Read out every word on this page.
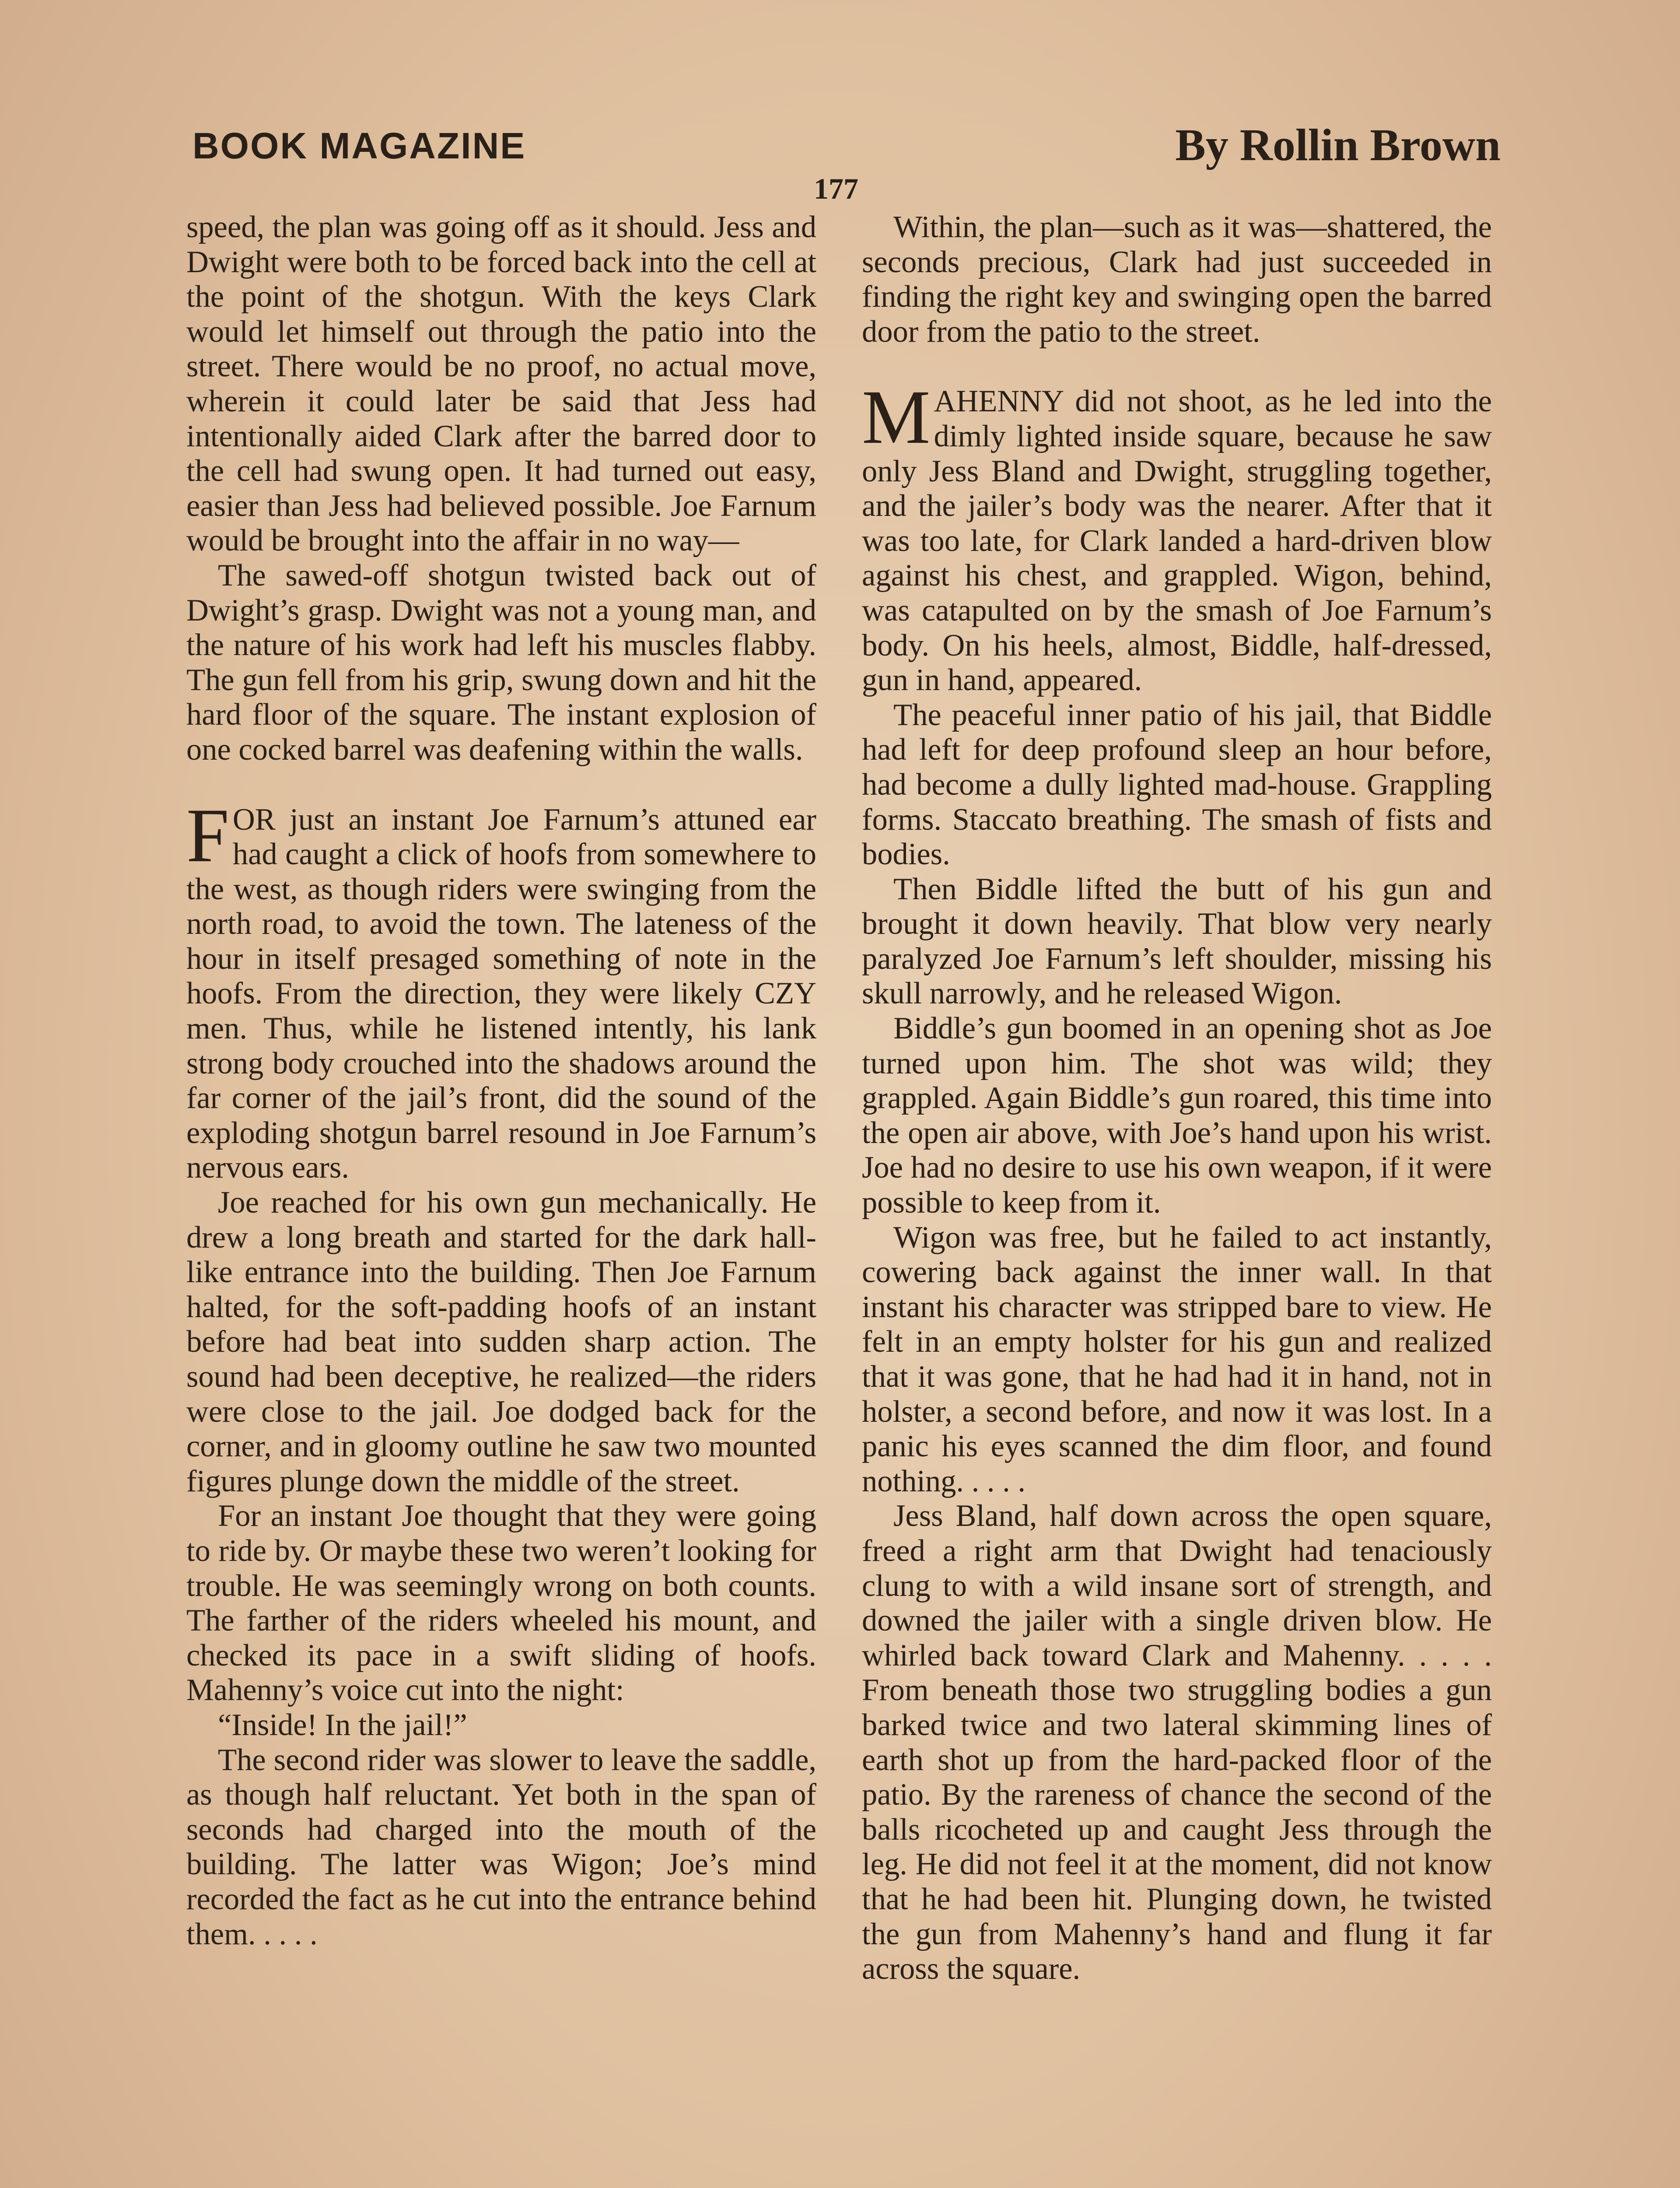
BOOK MAGAZINE	By Rollin Brown
177

speed, the plan was going off as it should. Jess and Dwight were both to be forced back into the cell at the point of the shotgun. With the keys Clark would let himself out through the patio into the street. There would be no proof, no actual move, wherein it could later be said that Jess had intentionally aided Clark after the barred door to the cell had swung open. It had turned out easy, easier than Jess had believed possible. Joe Farnum would be brought into the affair in no way—

The sawed-off shotgun twisted back out of Dwight’s grasp. Dwight was not a young man, and the nature of his work had left his muscles flabby. The gun fell from his grip, swung down and hit the hard floor of the square. The instant explosion of one cocked barrel was deafening within the walls.

FOR just an instant Joe Farnum’s attuned ear had caught a click of hoofs from somewhere to the west, as though riders were swinging from the north road, to avoid the town. The lateness of the hour in itself presaged something of note in the hoofs. From the direction, they were likely CZY men. Thus, while he listened intently, his lank strong body crouched into the shadows around the far corner of the jail’s front, did the sound of the exploding shotgun barrel resound in Joe Farnum’s nervous ears.

Joe reached for his own gun mechanically. He drew a long breath and started for the dark hall-like entrance into the building. Then Joe Farnum halted, for the soft-padding hoofs of an instant before had beat into sudden sharp action. The sound had been deceptive, he realized—the riders were close to the jail. Joe dodged back for the corner, and in gloomy outline he saw two mounted figures plunge down the middle of the street.

For an instant Joe thought that they were going to ride by. Or maybe these two weren’t looking for trouble. He was seemingly wrong on both counts. The farther of the riders wheeled his mount, and checked its pace in a swift sliding of hoofs. Mahenny’s voice cut into the night:

“Inside! In the jail!”

The second rider was slower to leave the saddle, as though half reluctant. Yet both in the span of seconds had charged into the mouth of the building. The latter was Wigon; Joe’s mind recorded the fact as he cut into the entrance behind them. . . . .

Within, the plan—such as it was—shattered, the seconds precious, Clark had just succeeded in finding the right key and swinging open the barred door from the patio to the street.

MAHENNY did not shoot, as he led into the dimly lighted inside square, because he saw only Jess Bland and Dwight, struggling together, and the jailer’s body was the nearer. After that it was too late, for Clark landed a hard-driven blow against his chest, and grappled. Wigon, behind, was catapulted on by the smash of Joe Farnum’s body. On his heels, almost, Biddle, half-dressed, gun in hand, appeared.

The peaceful inner patio of his jail, that Biddle had left for deep profound sleep an hour before, had become a dully lighted mad-house. Grappling forms. Staccato breathing. The smash of fists and bodies.

Then Biddle lifted the butt of his gun and brought it down heavily. That blow very nearly paralyzed Joe Farnum’s left shoulder, missing his skull narrowly, and he released Wigon.

Biddle’s gun boomed in an opening shot as Joe turned upon him. The shot was wild; they grappled. Again Biddle’s gun roared, this time into the open air above, with Joe’s hand upon his wrist. Joe had no desire to use his own weapon, if it were possible to keep from it.

Wigon was free, but he failed to act instantly, cowering back against the inner wall. In that instant his character was stripped bare to view. He felt in an empty holster for his gun and realized that it was gone, that he had had it in hand, not in holster, a second before, and now it was lost. In a panic his eyes scanned the dim floor, and found nothing. . . . .

Jess Bland, half down across the open square, freed a right arm that Dwight had tenaciously clung to with a wild insane sort of strength, and downed the jailer with a single driven blow. He whirled back toward Clark and Mahenny. . . . . From beneath those two struggling bodies a gun barked twice and two lateral skimming lines of earth shot up from the hard-packed floor of the patio. By the rareness of chance the second of the balls ricocheted up and caught Jess through the leg. He did not feel it at the moment, did not know that he had been hit. Plunging down, he twisted the gun from Mahenny’s hand and flung it far across the square.
